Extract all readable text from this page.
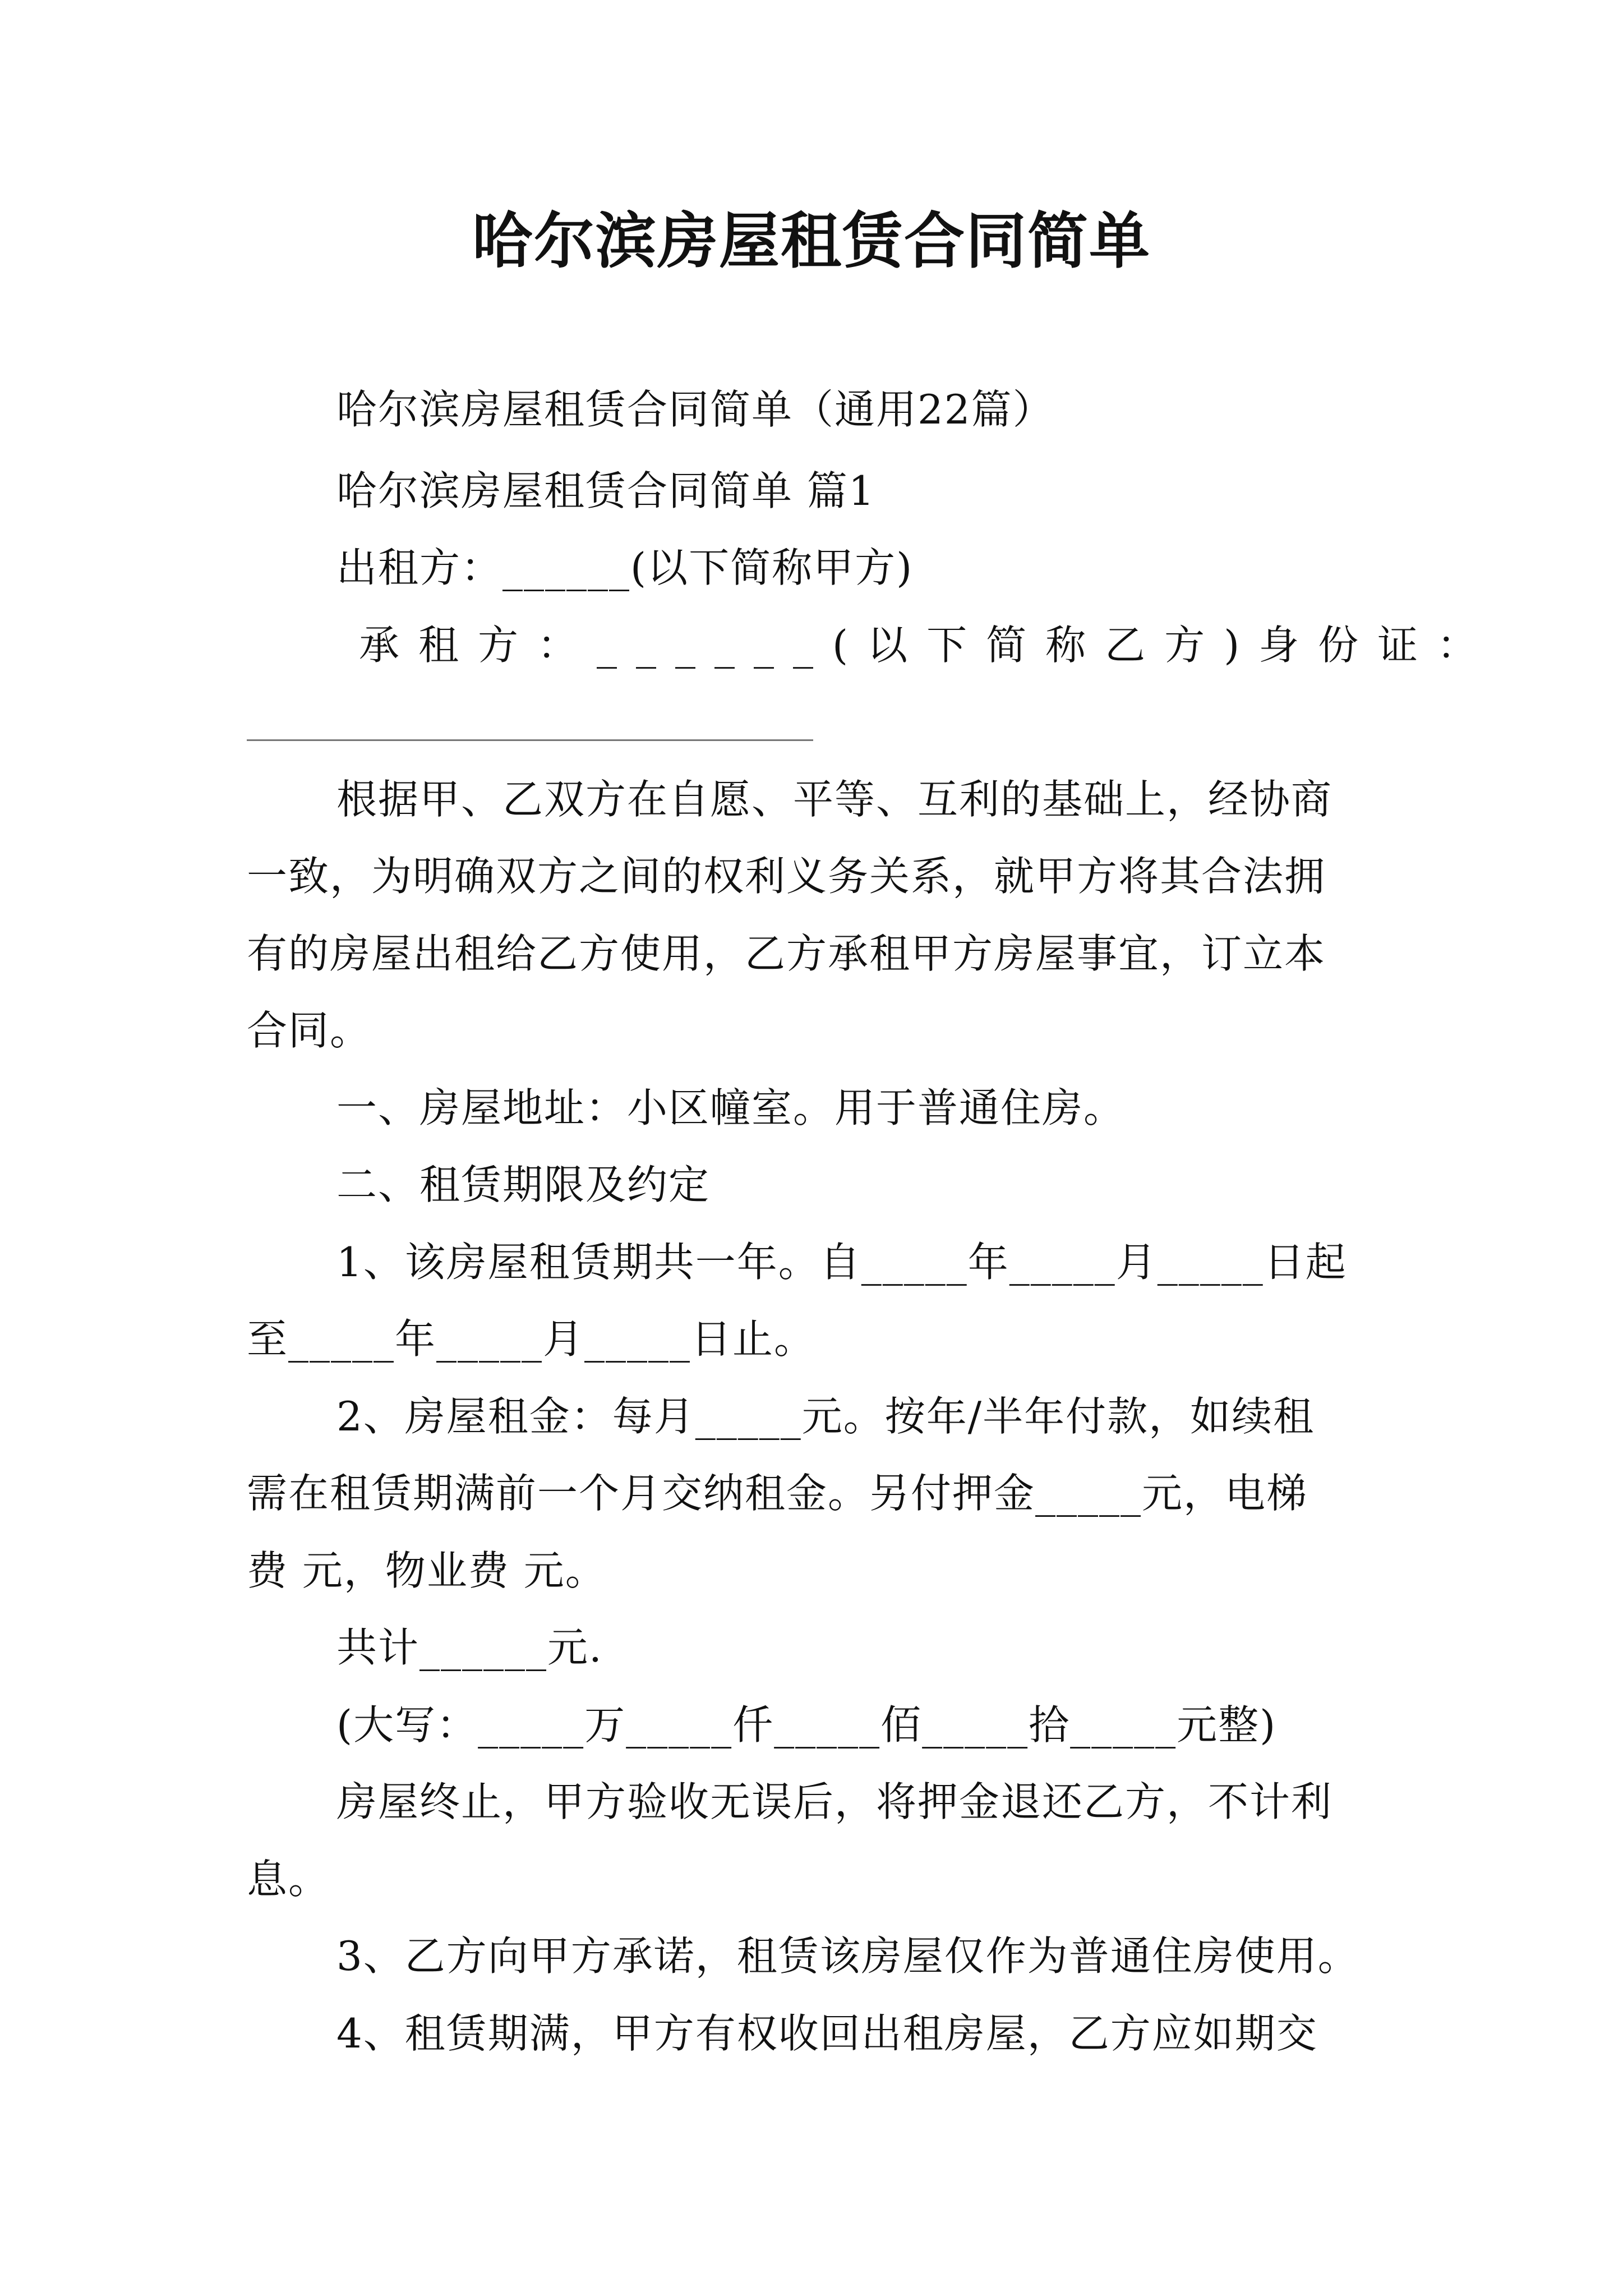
哈尔滨房屋租赁合同简单
哈尔滨房屋租赁合同简单（通用22篇）
哈尔滨房屋租赁合同简单 篇1
出租方：______(以下简称甲方)
承租方：______(以下简称乙方)身份证：
根据甲、乙双方在自愿、平等、互利的基础上，经协商
一致，为明确双方之间的权利义务关系，就甲方将其合法拥
有的房屋出租给乙方使用，乙方承租甲方房屋事宜，订立本
合同。
一、房屋地址：小区幢室。用于普通住房。
二、租赁期限及约定
1、该房屋租赁期共一年。自_____年_____月_____日起
至_____年_____月_____日止。
2、房屋租金：每月_____元。按年/半年付款，如续租
需在租赁期满前一个月交纳租金。另付押金_____元，电梯
费 元，物业费 元。
共计______元.
(大写：_____万_____仟_____佰_____拾_____元整)
房屋终止，甲方验收无误后，将押金退还乙方，不计利
息。
3、乙方向甲方承诺，租赁该房屋仅作为普通住房使用。
4、租赁期满，甲方有权收回出租房屋，乙方应如期交
